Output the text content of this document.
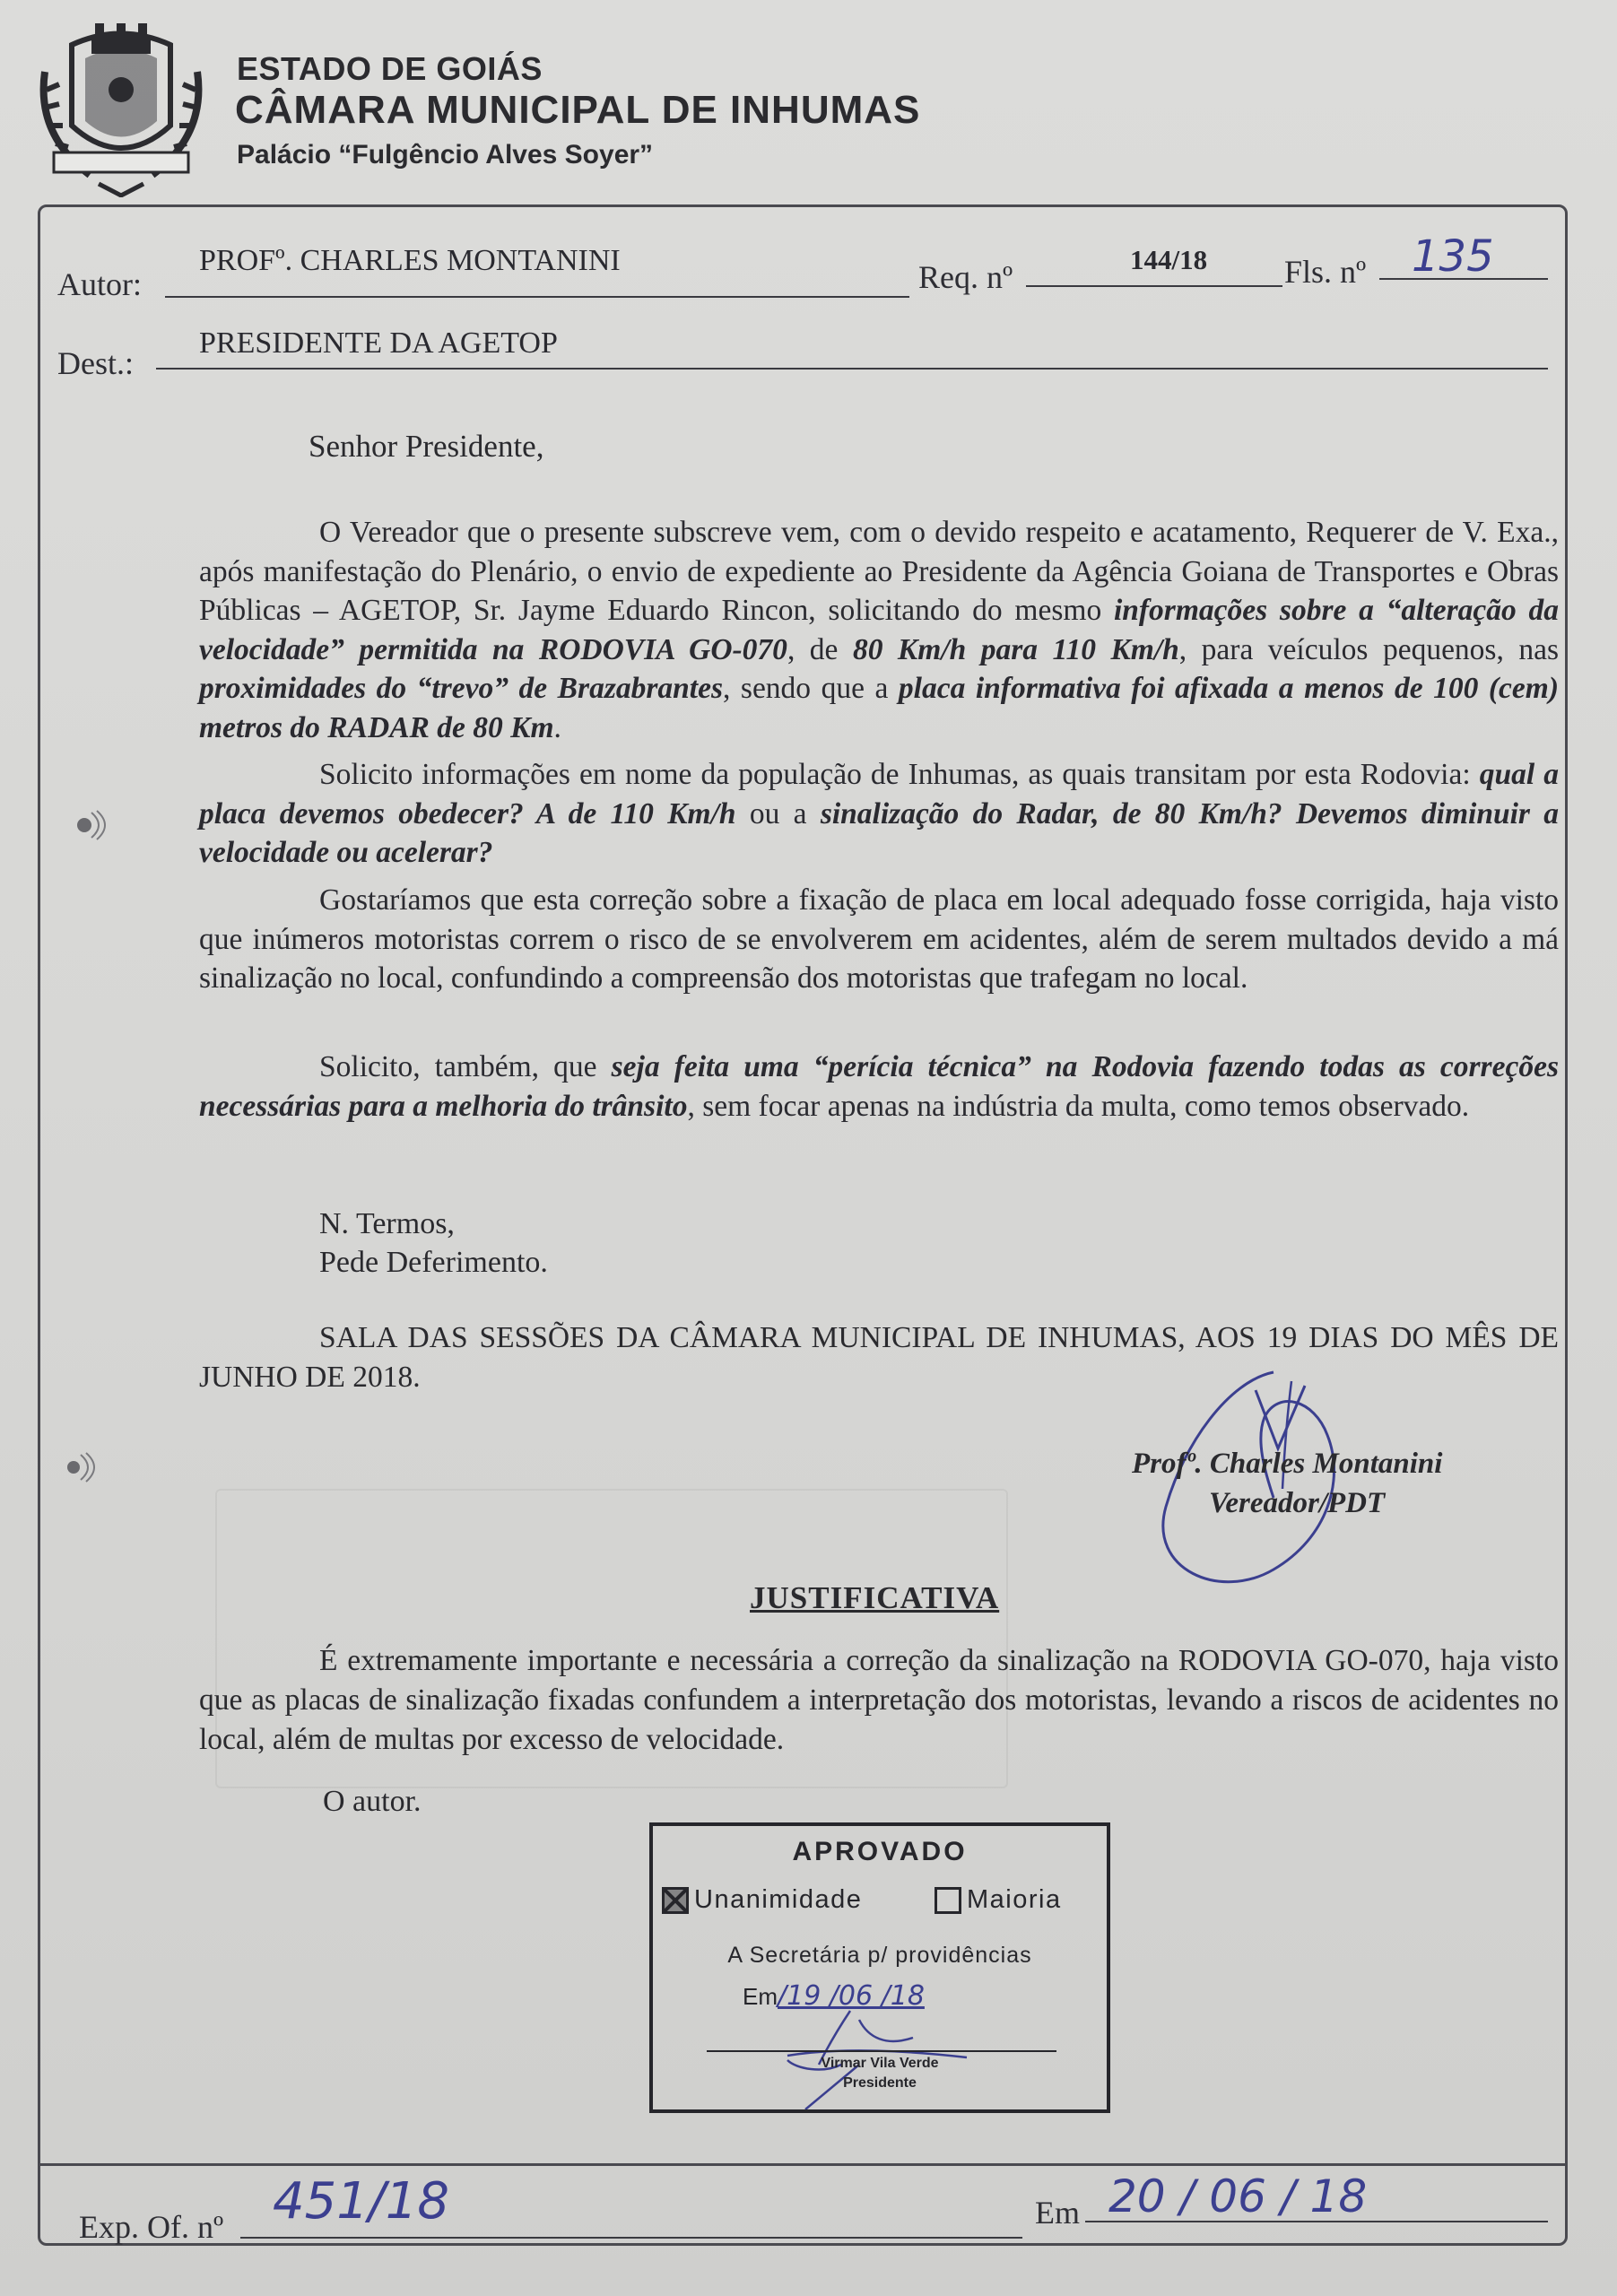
ESTADO DE GOIÁS
CÂMARA MUNICIPAL DE INHUMAS
Palácio “Fulgêncio Alves Soyer”
Autor:
PROFº. CHARLES MONTANINI	Req. nº	144/18 Fls. nº 135
Dest.:
PRESIDENTE DA AGETOP
Senhor Presidente,

O Vereador que o presente subscreve vem, com o devido respeito e acatamento, Requerer de V. Exa., após manifestação do Plenário, o envio de expediente ao Presidente da Agência Goiana de Transportes e Obras Públicas – AGETOP, Sr. Jayme Eduardo Rincon, solicitando do mesmo informações sobre a “alteração da velocidade” permitida na RODOVIA GO-070, de 80 Km/h para 110 Km/h, para veículos pequenos, nas proximidades do “trevo” de Brazabrantes, sendo que a placa informativa foi afixada a menos de 100 (cem) metros do RADAR de 80 Km.

Solicito informações em nome da população de Inhumas, as quais transitam por esta Rodovia: qual a placa devemos obedecer? A de 110 Km/h ou a sinalização do Radar, de 80 Km/h? Devemos diminuir a velocidade ou acelerar?

Gostaríamos que esta correção sobre a fixação de placa em local adequado fosse corrigida, haja visto que inúmeros motoristas correm o risco de se envolverem em acidentes, além de serem multados devido a má sinalização no local, confundindo a compreensão dos motoristas que trafegam no local.

Solicito, também, que seja feita uma “perícia técnica” na Rodovia fazendo todas as correções necessárias para a melhoria do trânsito, sem focar apenas na indústria da multa, como temos observado.

N. Termos,
Pede Deferimento.
SALA DAS SESSÕES DA CÂMARA MUNICIPAL DE INHUMAS, AOS 19 DIAS DO MÊS DE JUNHO DE 2018.
Profº. Charles Montanini
Vereador/PDT
JUSTIFICATIVA
É extremamente importante e necessária a correção da sinalização na RODOVIA GO-070, haja visto que as placas de sinalização fixadas confundem a interpretação dos motoristas, levando a riscos de acidentes no local, além de multas por excesso de velocidade.
O autor.
APROVADO
Unanimidade	Maioria
A Secretária p/ providências
Em/19 /06 /18
Virmar Vila Verde
Presidente
Exp. Of. nº 451/18	Em 20 / 06 / 18
